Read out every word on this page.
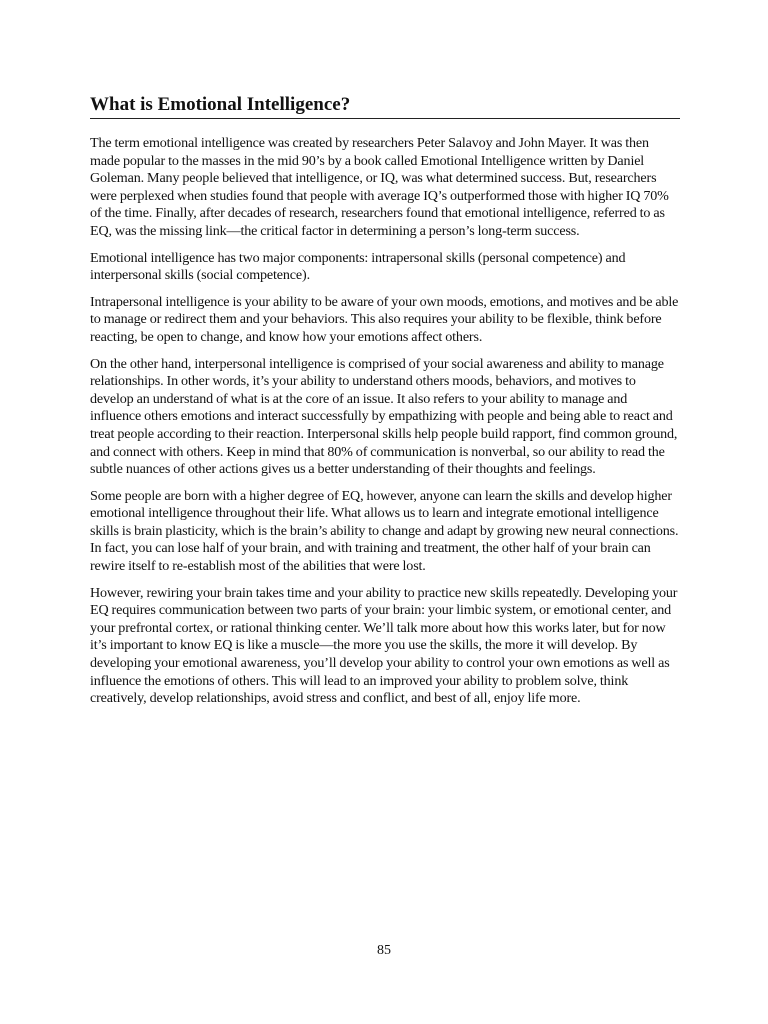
What is Emotional Intelligence?

The term emotional intelligence was created by researchers Peter Salavoy and John Mayer. It was then made popular to the masses in the mid 90’s by a book called Emotional Intelligence written by Daniel Goleman. Many people believed that intelligence, or IQ, was what determined success. But, researchers were perplexed when studies found that people with average IQ’s outperformed those with higher IQ 70% of the time. Finally, after decades of research, researchers found that emotional intelligence, referred to as EQ, was the missing link—the critical factor in determining a person’s long-term success.

Emotional intelligence has two major components: intrapersonal skills (personal competence) and interpersonal skills (social competence).

Intrapersonal intelligence is your ability to be aware of your own moods, emotions, and motives and be able to manage or redirect them and your behaviors. This also requires your ability to be flexible, think before reacting, be open to change, and know how your emotions affect others.

On the other hand, interpersonal intelligence is comprised of your social awareness and ability to manage relationships. In other words, it’s your ability to understand others moods, behaviors, and motives to develop an understand of what is at the core of an issue. It also refers to your ability to manage and influence others emotions and interact successfully by empathizing with people and being able to react and treat people according to their reaction. Interpersonal skills help people build rapport, find common ground, and connect with others. Keep in mind that 80% of communication is nonverbal, so our ability to read the subtle nuances of other actions gives us a better understanding of their thoughts and feelings.

Some people are born with a higher degree of EQ, however, anyone can learn the skills and develop higher emotional intelligence throughout their life. What allows us to learn and integrate emotional intelligence skills is brain plasticity, which is the brain’s ability to change and adapt by growing new neural connections. In fact, you can lose half of your brain, and with training and treatment, the other half of your brain can rewire itself to re-establish most of the abilities that were lost.

However, rewiring your brain takes time and your ability to practice new skills repeatedly. Developing your EQ requires communication between two parts of your brain: your limbic system, or emotional center, and your prefrontal cortex, or rational thinking center. We’ll talk more about how this works later, but for now it’s important to know EQ is like a muscle—the more you use the skills, the more it will develop. By developing your emotional awareness, you’ll develop your ability to control your own emotions as well as influence the emotions of others. This will lead to an improved your ability to problem solve, think creatively, develop relationships, avoid stress and conflict, and best of all, enjoy life more.

85
